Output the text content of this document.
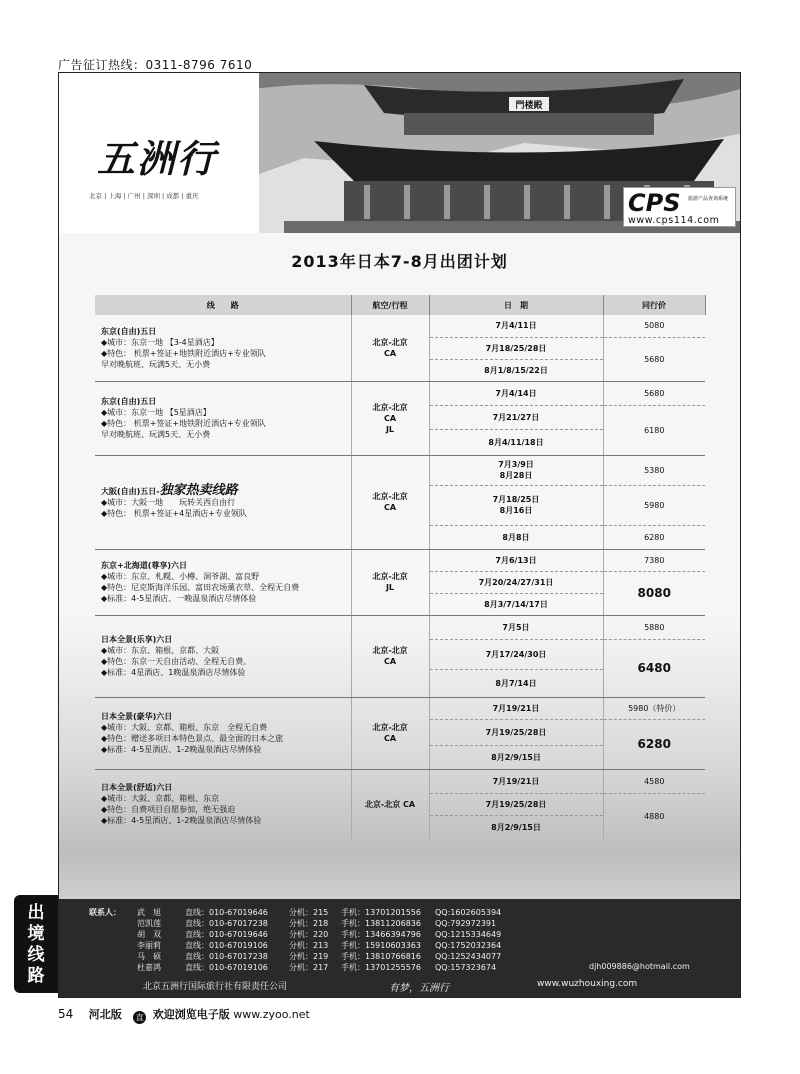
广告征订热线：0311-8796 7610
門楼殿
五洲行
北京 | 上海 | 广州 | 深圳 | 成都 | 重庆	CPS 旅游产品查询系统
www.cps114.com
2013年日本7-8月出团计划
线　　路	航空/行程	日　期	同行价

东京(自由)五日
◆城市：东京一地 【3-4星酒店】
◆特色： 机票+签证+地铁附近酒店+专业领队
早对晚航班、玩满5天、无小费	北京-北京
CA	7月4/11日	5080
		7月18/25/28日	5680
		8月1/8/15/22日	

东京(自由)五日
◆城市：东京一地 【5星酒店】
◆特色： 机票+签证+地铁附近酒店+专业领队
早对晚航班、玩满5天、无小费	北京-北京
CA
JL	7月4/14日	5680
		7月21/27日	6180
		8月4/11/18日	

大阪(自由)五日-独家热卖线路
◆城市：大阪一地　　玩转关西自由行
◆特色： 机票+签证+4星酒店+专业领队	北京-北京
CA	7月3/9日
8月28日	5380
		7月18/25日
8月16日	5980
		8月8日	6280

东京+北海道(尊享)六日
◆城市：东京、札幌、小樽、洞爷湖、富良野
◆特色：尼克斯海洋乐园、富田农场薰衣草、全程无自费
◆标准：4-5星酒店、一晚温泉酒店尽情体验	北京-北京
JL	7月6/13日	7380
		7月20/24/27/31日	8080
		8月3/7/14/17日	

日本全景(乐享)六日
◆城市：东京、箱根、京都、大阪
◆特色：东京一天自由活动、全程无自费。
◆标准：4星酒店、1晚温泉酒店尽情体验	北京-北京
CA	7月5日	5880
		7月17/24/30日	6480
		8月7/14日	

日本全景(豪华)六日
◆城市：大阪、京都、箱根、东京　全程无自费
◆特色：赠送多项日本特色景点、最全面的日本之旅
◆标准：4-5星酒店、1-2晚温泉酒店尽情体验	北京-北京
CA	7月19/21日	5980（特价）
		7月19/25/28日	6280
		8月2/9/15日	

日本全景(舒适)六日
◆城市：大阪、京都、箱根、东京
◆特色：自费项目自愿参加，绝无强迫
◆标准：4-5星酒店、1-2晚温泉酒店尽情体验	北京-北京 CA	7月19/21日	4580
		7月19/25/28日	4880
		8月2/9/15日	
联系人： 武　旭	直线：010-67019646	分机：215 手机：13701201556 QQ:1602605394
范凯莲	直线：010-67017238	分机：218 手机：13811206836 QQ:792972391
胡　双	直线：010-67019646	分机：220 手机：13466394796 QQ:1215334649
李丽莉	直线：010-67019106	分机：213 手机：15910603363 QQ:1752032364
马　硕	直线：010-67017238	分机：219 手机：13810766816 QQ:1252434077
杜嘉鸿	直线：010-67019106	分机：217 手机：13701255576 QQ:157323674	djh009886@hotmail.com
北京五洲行国际旅行社有限责任公司	有梦，五洲行	www.wuzhouxing.com
出
境
线
路
54 河北版 直 欢迎浏览电子版 www.zyoo.net
